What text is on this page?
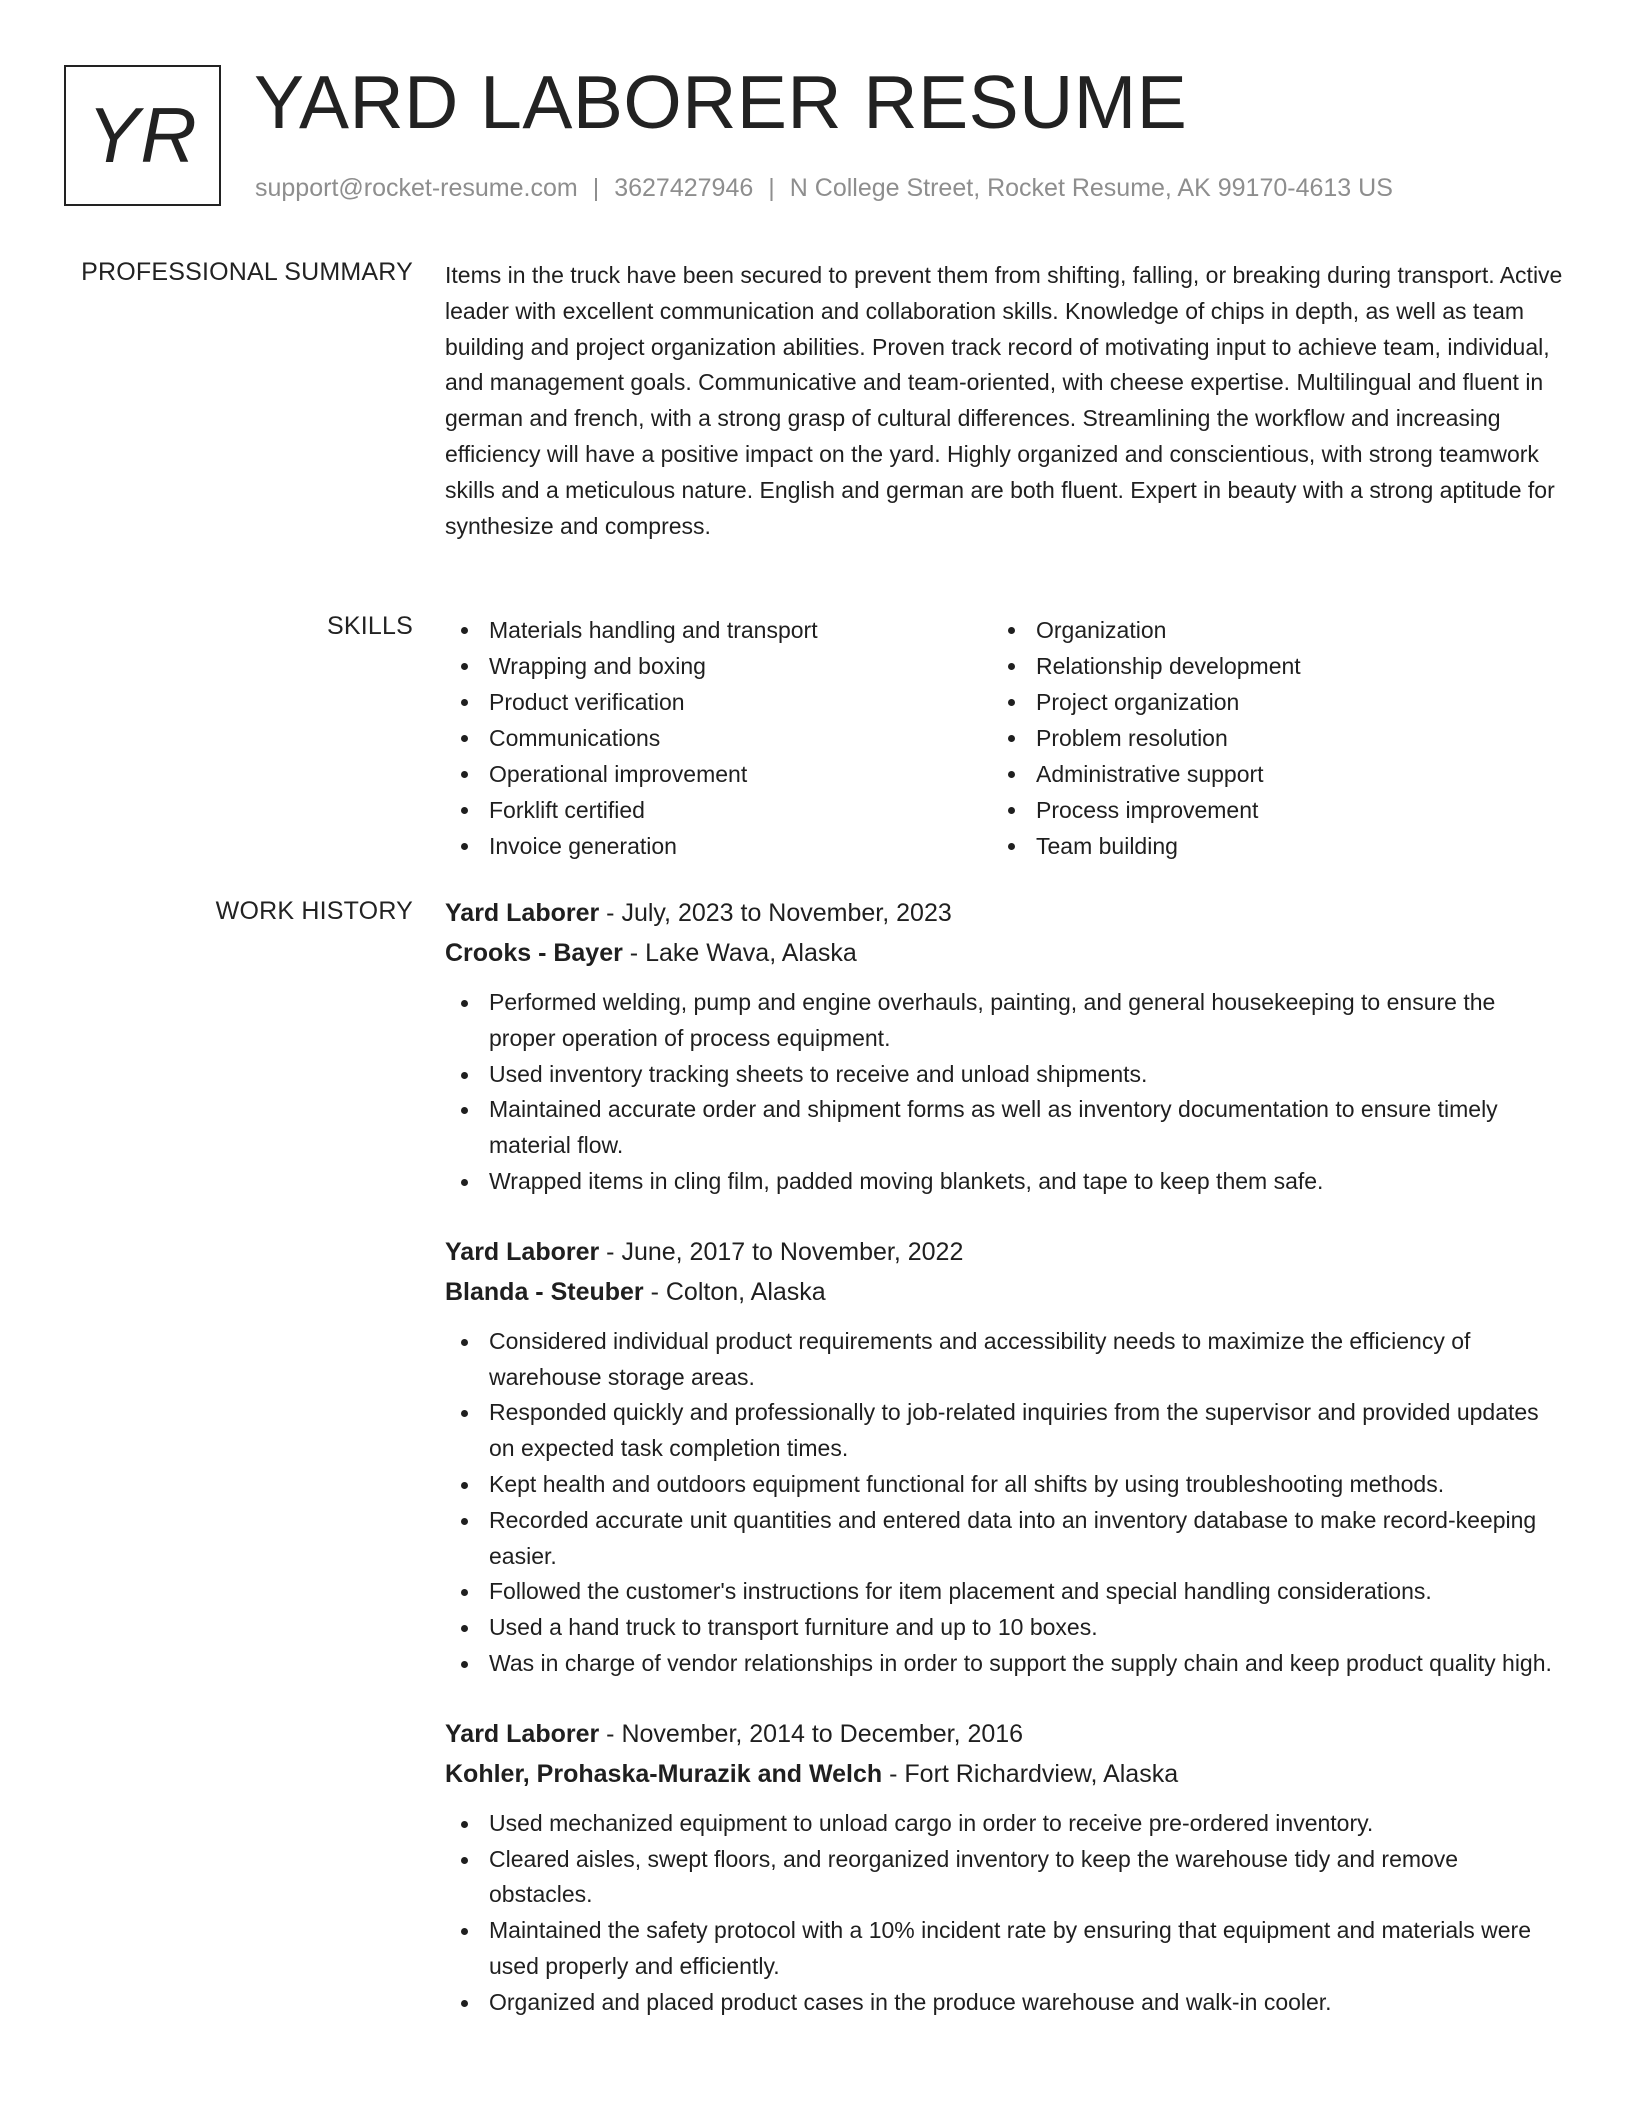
YR YARD LABORER RESUME
support@rocket-resume.com | 3627427946 | N College Street, Rocket Resume, AK 99170-4613 US
PROFESSIONAL SUMMARY Items in the truck have been secured to prevent them from shifting, falling, or breaking during transport. Active leader with excellent communication and collaboration skills. Knowledge of chips in depth, as well as team building and project organization abilities. Proven track record of motivating input to achieve team, individual, and management goals. Communicative and team-oriented, with cheese expertise. Multilingual and fluent in german and french, with a strong grasp of cultural differences. Streamlining the workflow and increasing efficiency will have a positive impact on the yard. Highly organized and conscientious, with strong teamwork skills and a meticulous nature. English and german are both fluent. Expert in beauty with a strong aptitude for synthesize and compress.

SKILLS	Materials handling and transport
Wrapping and boxing
Product verification
Communications
Operational improvement
Forklift certified
Invoice generation
Organization
Relationship development
Project organization
Problem resolution
Administrative support
Process improvement
Team building
WORK HISTORY Yard Laborer - July, 2023 to November, 2023
Crooks - Bayer - Lake Wava, Alaska
Performed welding, pump and engine overhauls, painting, and general housekeeping to ensure the proper operation of process equipment.
Used inventory tracking sheets to receive and unload shipments.
Maintained accurate order and shipment forms as well as inventory documentation to ensure timely material flow.
Wrapped items in cling film, padded moving blankets, and tape to keep them safe.
Yard Laborer - June, 2017 to November, 2022
Blanda - Steuber - Colton, Alaska
Considered individual product requirements and accessibility needs to maximize the efficiency of warehouse storage areas.
Responded quickly and professionally to job-related inquiries from the supervisor and provided updates on expected task completion times.
Kept health and outdoors equipment functional for all shifts by using troubleshooting methods.
Recorded accurate unit quantities and entered data into an inventory database to make record-keeping easier.
Followed the customer's instructions for item placement and special handling considerations.
Used a hand truck to transport furniture and up to 10 boxes.
Was in charge of vendor relationships in order to support the supply chain and keep product quality high.
Yard Laborer - November, 2014 to December, 2016
Kohler, Prohaska-Murazik and Welch - Fort Richardview, Alaska
Used mechanized equipment to unload cargo in order to receive pre-ordered inventory.
Cleared aisles, swept floors, and reorganized inventory to keep the warehouse tidy and remove obstacles.
Maintained the safety protocol with a 10% incident rate by ensuring that equipment and materials were used properly and efficiently.
Organized and placed product cases in the produce warehouse and walk-in cooler.
